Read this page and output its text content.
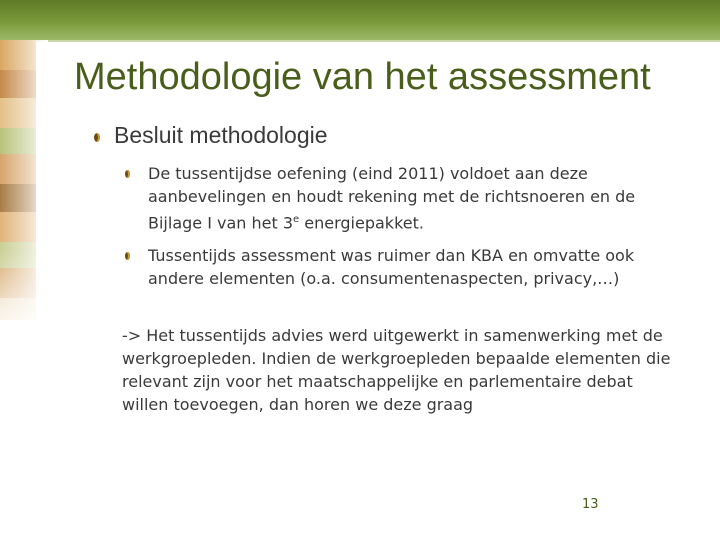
Methodologie van het assessment
Besluit methodologie
De tussentijdse oefening (eind 2011) voldoet aan deze aanbevelingen en houdt rekening met de richtsnoeren en de Bijlage I van het 3e energiepakket.
Tussentijds assessment was ruimer dan KBA en omvatte ook andere elementen (o.a. consumentenaspecten, privacy,…)
-> Het tussentijds advies werd uitgewerkt in samenwerking met de werkgroepleden. Indien de werkgroepleden bepaalde elementen die relevant zijn voor het maatschappelijke en parlementaire debat willen toevoegen, dan horen we deze graag
13
